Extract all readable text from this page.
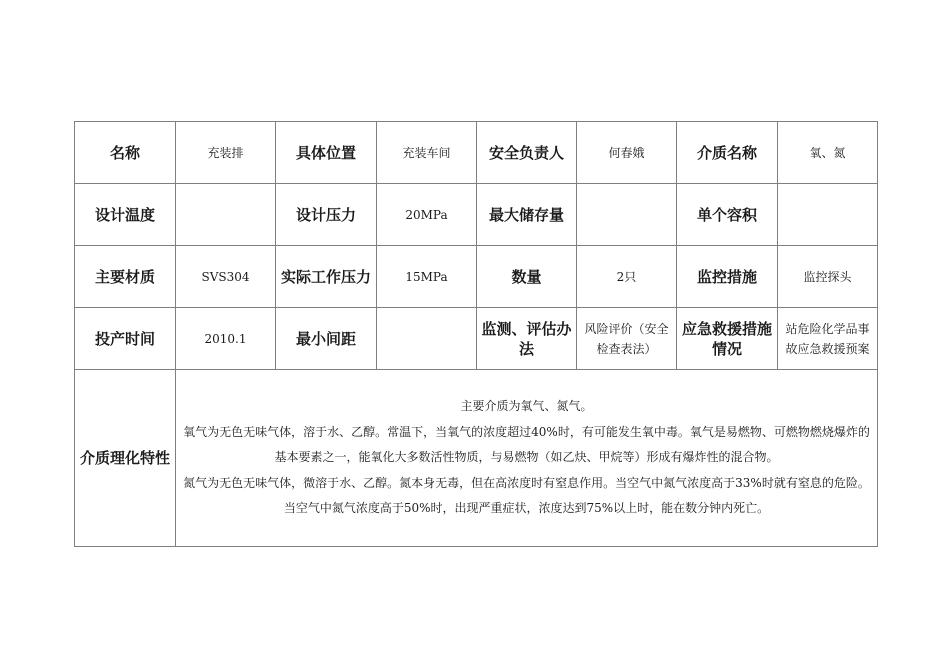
名称	充装排	具体位置	充装车间	安全负责人	何春娥	介质名称	氧、氮
设计温度		设计压力	20MPa	最大储存量		单个容积	
主要材质	SVS304	实际工作压力	15MPa	数量	2只	监控措施	监控探头
投产时间	2010.1	最小间距		监测、评估办法	风险评价（安全检查表法）	应急救援措施情况	站危险化学品事故应急救援预案
介质理化特性	主要介质为氧气、氮气。

氧气为无色无味气体，溶于水、乙醇。常温下，当氧气的浓度超过40%时，有可能发生氧中毒。氧气是易燃物、可燃物燃烧爆炸的基本要素之一，能氧化大多数活性物质，与易燃物（如乙炔、甲烷等）形成有爆炸性的混合物。

氮气为无色无味气体，微溶于水、乙醇。氮本身无毒，但在高浓度时有窒息作用。当空气中氮气浓度高于33%时就有窒息的危险。当空气中氮气浓度高于50%时，出现严重症状，浓度达到75%以上时，能在数分钟内死亡。						
